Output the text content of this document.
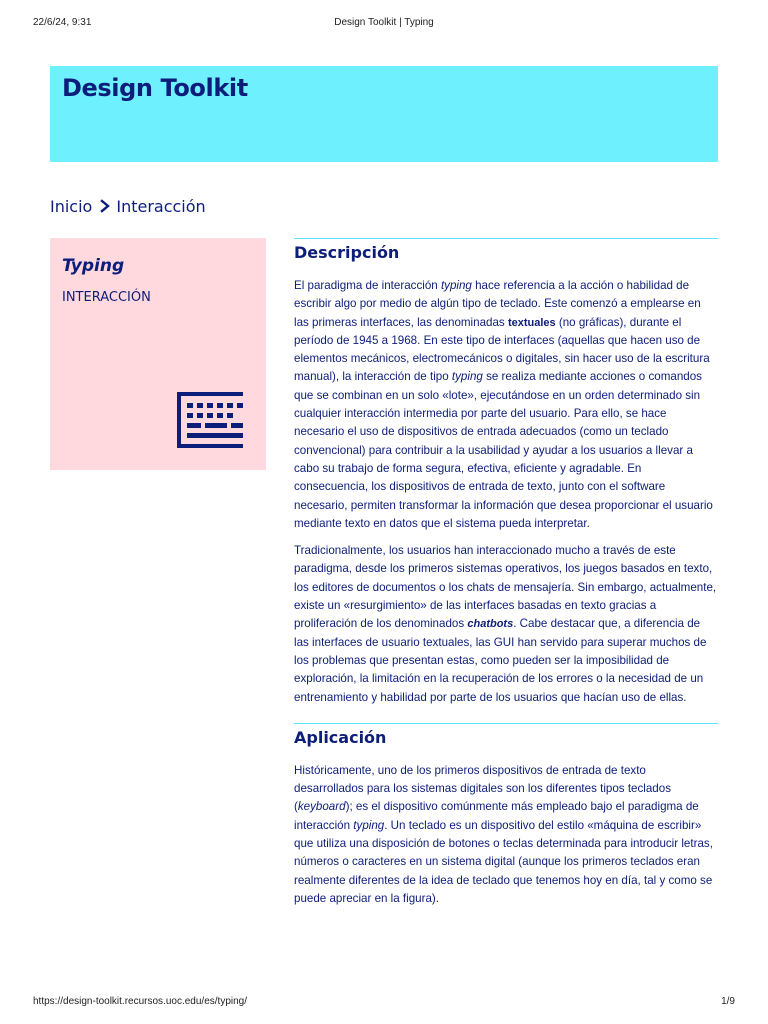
22/6/24, 9:31	Design Toolkit | Typing
Design Toolkit
Inicio Interacción
Typing
INTERACCIÓN
Descripción

El paradigma de interacción typing hace referencia a la acción o habilidad de escribir algo por medio de algún tipo de teclado. Este comenzó a emplearse en las primeras interfaces, las denominadas textuales (no gráficas), durante el período de 1945 a 1968. En este tipo de interfaces (aquellas que hacen uso de elementos mecánicos, electromecánicos o digitales, sin hacer uso de la escritura manual), la interacción de tipo typing se realiza mediante acciones o comandos que se combinan en un solo «lote», ejecutándose en un orden determinado sin cualquier interacción intermedia por parte del usuario. Para ello, se hace necesario el uso de dispositivos de entrada adecuados (como un teclado convencional) para contribuir a la usabilidad y ayudar a los usuarios a llevar a cabo su trabajo de forma segura, efectiva, eficiente y agradable. En consecuencia, los dispositivos de entrada de texto, junto con el software necesario, permiten transformar la información que desea proporcionar el usuario mediante texto en datos que el sistema pueda interpretar.

Tradicionalmente, los usuarios han interaccionado mucho a través de este paradigma, desde los primeros sistemas operativos, los juegos basados en texto, los editores de documentos o los chats de mensajería. Sin embargo, actualmente, existe un «resurgimiento» de las interfaces basadas en texto gracias a proliferación de los denominados chatbots. Cabe destacar que, a diferencia de las interfaces de usuario textuales, las GUI han servido para superar muchos de los problemas que presentan estas, como pueden ser la imposibilidad de exploración, la limitación en la recuperación de los errores o la necesidad de un entrenamiento y habilidad por parte de los usuarios que hacían uso de ellas.

Aplicación

Históricamente, uno de los primeros dispositivos de entrada de texto desarrollados para los sistemas digitales son los diferentes tipos teclados (keyboard); es el dispositivo comúnmente más empleado bajo el paradigma de interacción typing. Un teclado es un dispositivo del estilo «máquina de escribir» que utiliza una disposición de botones o teclas determinada para introducir letras, números o caracteres en un sistema digital (aunque los primeros teclados eran realmente diferentes de la idea de teclado que tenemos hoy en día, tal y como se puede apreciar en la figura).

https://design-toolkit.recursos.uoc.edu/es/typing/	1/9
